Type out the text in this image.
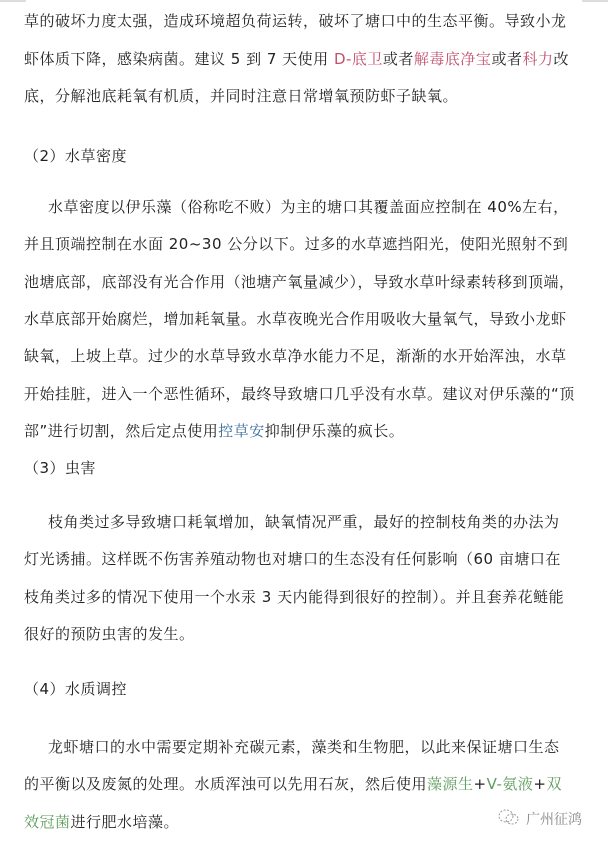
草的破坏力度太强，造成环境超负荷运转，破坏了塘口中的生态平衡。导致小龙
虾体质下降，感染病菌。建议 5 到 7 天使用 D-底卫或者解毒底净宝或者科力改
底，分解池底耗氧有机质，并同时注意日常增氧预防虾子缺氧。
（2）水草密度
水草密度以伊乐藻（俗称吃不败）为主的塘口其覆盖面应控制在 40%左右，
并且顶端控制在水面 20~30 公分以下。过多的水草遮挡阳光，使阳光照射不到
池塘底部，底部没有光合作用（池塘产氧量减少），导致水草叶绿素转移到顶端，
水草底部开始腐烂，增加耗氧量。水草夜晚光合作用吸收大量氧气，导致小龙虾
缺氧，上坡上草。过少的水草导致水草净水能力不足，渐渐的水开始浑浊，水草
开始挂脏，进入一个恶性循环，最终导致塘口几乎没有水草。建议对伊乐藻的“顶
部”进行切割，然后定点使用控草安抑制伊乐藻的疯长。
（3）虫害
枝角类过多导致塘口耗氧增加，缺氧情况严重，最好的控制枝角类的办法为
灯光诱捕。这样既不伤害养殖动物也对塘口的生态没有任何影响（60 亩塘口在
枝角类过多的情况下使用一个水汞 3 天内能得到很好的控制）。并且套养花鲢能
很好的预防虫害的发生。
（4）水质调控
龙虾塘口的水中需要定期补充碳元素，藻类和生物肥，以此来保证塘口生态
的平衡以及废氮的处理。水质浑浊可以先用石灰，然后使用藻源生+V-氨液+双
效冠菌进行肥水培藻。	广州征鸿
